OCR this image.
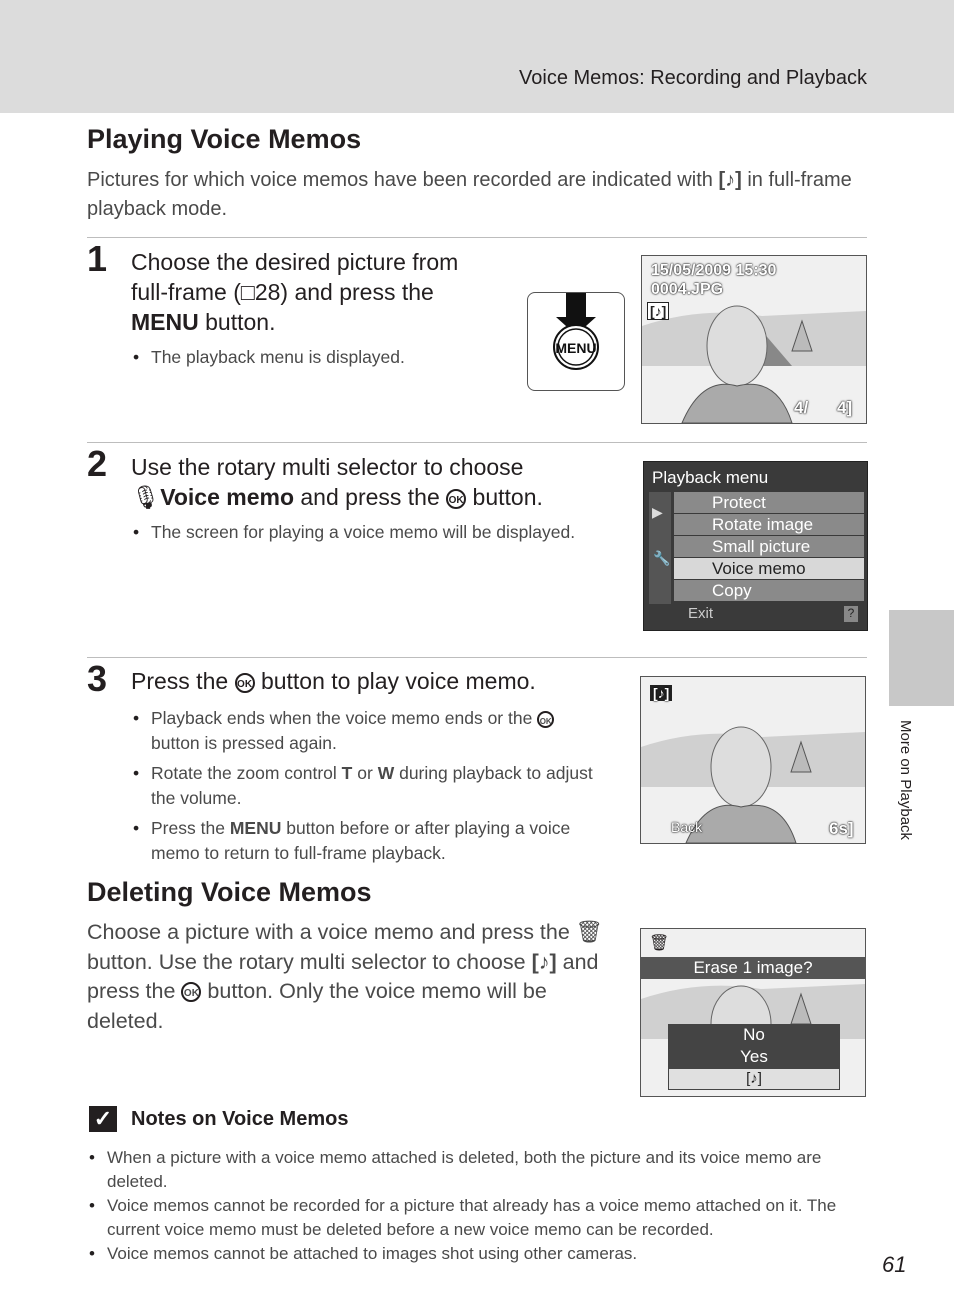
Voice Memos: Recording and Playback
More on Playback
Playing Voice Memos
Pictures for which voice memos have been recorded are indicated with [♪] in full-frame playback mode.
1 Choose the desired picture from full-frame (□28) and press the MENU button.
• The playback menu is displayed.	MENU
15/05/2009 15:30
0004.JPG
[♪]
4/ 4]
2 Use the rotary multi selector to choose
🎙Voice memo and press the OK button.
• The screen for playing a voice memo will be displayed.
Playback menu
▶
🔧
Protect
Rotate image
Small picture
Voice memo
Copy
Exit	?
3 Press the OK button to play voice memo.
• Playback ends when the voice memo ends or the OK button is pressed again.
• Rotate the zoom control T or W during playback to adjust the volume.
• Press the MENU button before or after playing a voice memo to return to full-frame playback.
[♪]
Back	6s]
Deleting Voice Memos
Choose a picture with a voice memo and press the 🗑 button. Use the rotary multi selector to choose [♪] and press the OK button. Only the voice memo will be deleted.
🗑
Erase 1 image?
No
Yes
[♪]
✓ Notes on Voice Memos
• When a picture with a voice memo attached is deleted, both the picture and its voice memo are deleted.
• Voice memos cannot be recorded for a picture that already has a voice memo attached on it. The current voice memo must be deleted before a new voice memo can be recorded.
• Voice memos cannot be attached to images shot using other cameras.	61
